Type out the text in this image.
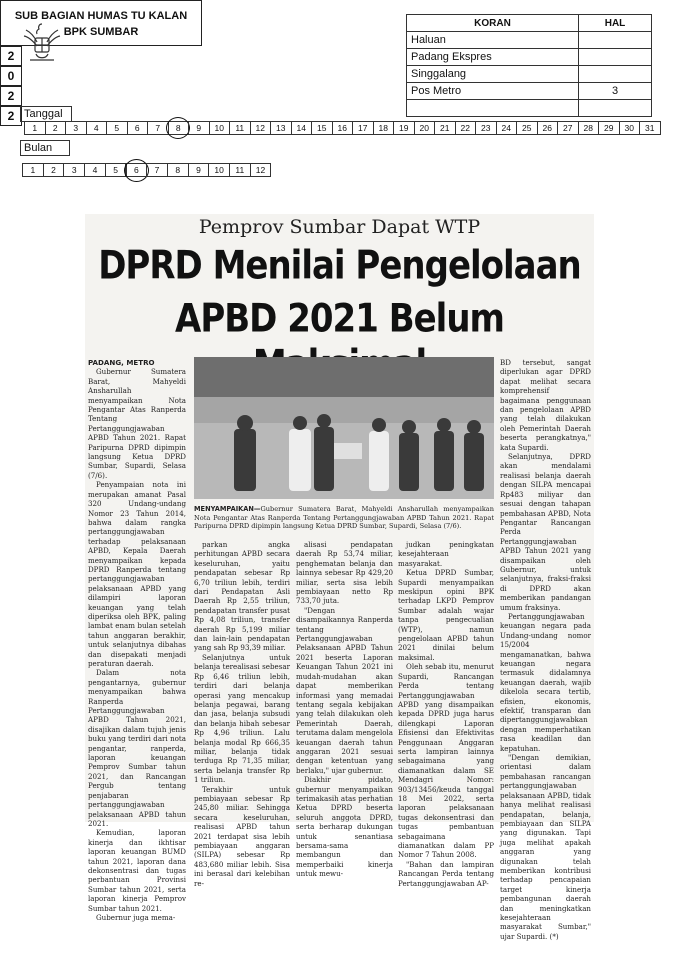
SUB BAGIAN HUMAS TU KALAN
BPK SUMBAR
2
0
2
2
KORAN	HAL
Haluan	
Padang Ekspres	
Singgalang	
Pos Metro	3

Tanggal
Bulan
Pemprov Sumbar Dapat WTP
DPRD Menilai Pengelolaan
APBD 2021 Belum

PADANG, METRO

Gubernur Sumatera Barat, Mahyeldi Ansharullah menyampaikan Nota Pengantar Atas Ranperda Tentang Pertanggungjawaban APBD Tahun 2021. Rapat Paripurna DPRD dipimpin langsung Ketua DPRD Sumbar, Supardi, Selasa (7/6).

Penyampaian nota ini merupakan amanat Pasal 320 Undang-undang Nomor 23 Tahun 2014, bahwa dalam rangka pertanggungjawaban terhadap pelaksanaan APBD, Kepala Daerah menyampaikan kepada DPRD Ranperda tentang pertanggungjawaban pelaksanaan APBD yang dilampiri laporan keuangan yang telah diperiksa oleh BPK, paling lambat enam bulan setelah tahun anggaran berakhir, untuk selanjutnya dibahas dan disepakati menjadi peraturan daerah.

Dalam nota pengantarnya, gubernur menyampaikan bahwa Ranperda Pertanggungjawaban APBD Tahun 2021, disajikan dalam tujuh jenis buku yang terdiri dari nota pengantar, ranperda, laporan keuangan Pemprov Sumbar tahun 2021, dan Rancangan Pergub tentang penjabaran pertanggungjawaban pelaksanaan APBD tahun 2021.

Kemudian, laporan kinerja dan ikhtisar laporan keuangan BUMD tahun 2021, laporan dana dekonsentrasi dan tugas perbantuan Provinsi Sumbar tahun 2021, serta laporan kinerja Pemprov Sumbar tahun 2021.

Gubernur juga mema-

MENYAMPAIKAN—Gubernur Sumatera Barat, Mahyeldi Ansharullah menyampaikan Nota Pengantar Atas Ranperda Tentang Pertanggungjawaban APBD Tahun 2021. Rapat Paripurna DPRD dipimpin langsung Ketua DPRD Sumbar, Supardi, Selasa (7/6).

parkan angka perhitungan APBD secara keseluruhan, yaitu pendapatan sebesar Rp 6,70 triliun lebih, terdiri dari Pendapatan Asli Daerah Rp 2,55 triliun, pendapatan transfer pusat Rp 4,08 triliun, transfer daerah Rp 5,199 miliar dan lain-lain pendapatan yang sah Rp 93,39 miliar.

Selanjutnya untuk belanja terealisasi sebesar Rp 6,46 triliun lebih, terdiri dari belanja operasi yang mencakup belanja pegawai, barang dan jasa, belanja subsudi dan belanja hibah sebesar Rp 4,96 triliun. Lalu belanja modal Rp 666,35 miliar, belanja tidak terduga Rp 71,35 miliar, serta belanja transfer Rp 1 triliun.

Terakhir untuk pembiayaan sebesar Rp 245,80 miliar. Sehingga secara keseluruhan, realisasi APBD tahun 2021 terdapat sisa lebih pembiayaan anggaran (SILPA) sebesar Rp 483,680 miliar lebih. Sisa ini berasal dari kelebihan re-

alisasi pendapatan daerah Rp 53,74 miliar, penghematan belanja dan lainnya sebesar Rp 429,20 miliar, serta sisa lebih pembiayaan netto Rp 733,70 juta.

"Dengan disampaikannya Ranperda tentang Pertanggungjawaban Pelaksanaan APBD Tahun 2021 beserta Laporan Keuangan Tahun 2021 ini mudah-mudahan akan dapat memberikan informasi yang memadai tentang segala kebijakan yang telah dilakukan oleh Pemerintah Daerah, terutama dalam mengelola keuangan daerah tahun anggaran 2021 sesuai dengan ketentuan yang berlaku," ujar gubernur.

Diakhir pidato, gubernur menyampaikan terimakasih atas perhatian Ketua DPRD beserta seluruh anggota DPRD, serta berharap dukungan untuk senantiasa bersama-sama membangun dan memperbaiki kinerja untuk mewu-

judkan peningkatan kesejahteraan masyarakat.

Ketua DPRD Sumbar, Supardi menyampaikan meskipun opini BPK terhadap LKPD Pemprov Sumbar adalah wajar tanpa pengecualian (WTP), namun pengelolaan APBD tahun 2021 dinilai belum maksimal.

Oleh sebab itu, menurut Supardi, Rancangan Perda tentang Pertanggungjawaban APBD yang disampaikan kepada DPRD juga harus dilengkapi Laporan Efisiensi dan Efektivitas Penggunaan Anggaran serta lampiran lainnya sebagaimana yang diamanatkan dalam SE Mendagri Nomor: 903/13456/keuda tanggal 18 Mei 2022, serta laporan pelaksanaan tugas dekonsentrasi dan tugas pembantuan sebagaimana diamanatkan dalam PP Nomor 7 Tahun 2008.

"Bahan dan lampiran Rancangan Perda tentang Pertanggungjawaban AP-

BD tersebut, sangat diperlukan agar DPRD dapat melihat secara komprehensif bagaimana penggunaan dan pengelolaan APBD yang telah dilakukan oleh Pemerintah Daerah beserta perangkatnya," kata Supardi.

Selanjutnya, DPRD akan mendalami realisasi belanja daerah dengan SILPA mencapai Rp483 miliyar dan sesuai dengan tahapan pembahasan APBD, Nota Pengantar Rancangan Perda Pertanggungjawaban APBD Tahun 2021 yang disampaikan oleh Gubernur, untuk selanjutnya, fraksi-fraksi di DPRD akan memberikan pandangan umum fraksinya.

Pertanggungjawaban keuangan negara pada Undang-undang nomor 15/2004 mengamanatkan, bahwa keuangan negara termasuk didalamnya keuangan daerah, wajib dikelola secara tertib, efisien, ekonomis, efektif, transparan dan dipertanggungjawabkan dengan memperhatikan rasa keadilan dan kepatuhan.

"Dengan demikian, orientasi dalam pembahasan rancangan pertanggungjawaban pelaksanaan APBD, tidak hanya melihat realisasi pendapatan, belanja, pembiayaan dan SILPA yang digunakan. Tapi juga melihat apakah anggaran yang digunakan telah memberikan kontribusi terhadap pencapaian target kinerja pembangunan daerah dan meningkatkan kesejahteraan masyarakat Sumbar," ujar Supardi. (*)

1	2	3	4	5	6	7	8	9	10	11	12	13	14	15	16	17	18	19	20	21	22	23	24	25	26	27	28	29	30	31
1	2	3	4	5	6	7	8	9	10	11	12
